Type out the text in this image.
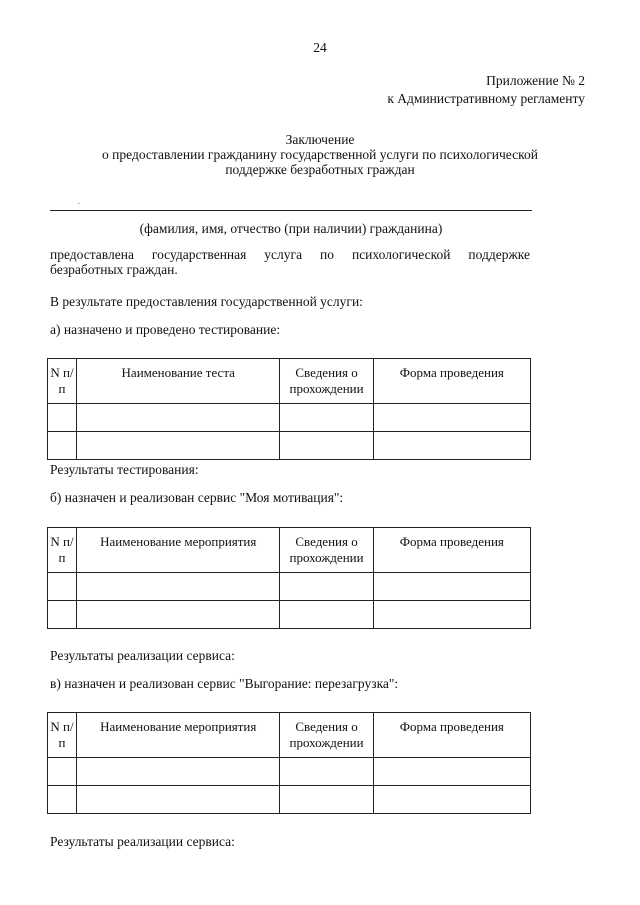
24
Приложение № 2
к Административному регламенту
Заключение
о предоставлении гражданину государственной услуги по психологической
поддержке безработных граждан
.
(фамилия, имя, отчество (при наличии) гражданина)
предоставлена государственная услуга по психологической поддержке безработных граждан.
В результате предоставления государственной услуги:
а) назначено и проведено тестирование:
N п/п	Наименование теста	Сведения о прохождении	Форма проведения

Результаты тестирования:
б) назначен и реализован сервис "Моя мотивация":
N п/п	Наименование мероприятия	Сведения о прохождении	Форма проведения

Результаты реализации сервиса:
в) назначен и реализован сервис "Выгорание: перезагрузка":
N п/п	Наименование мероприятия	Сведения о прохождении	Форма проведения

Результаты реализации сервиса:
